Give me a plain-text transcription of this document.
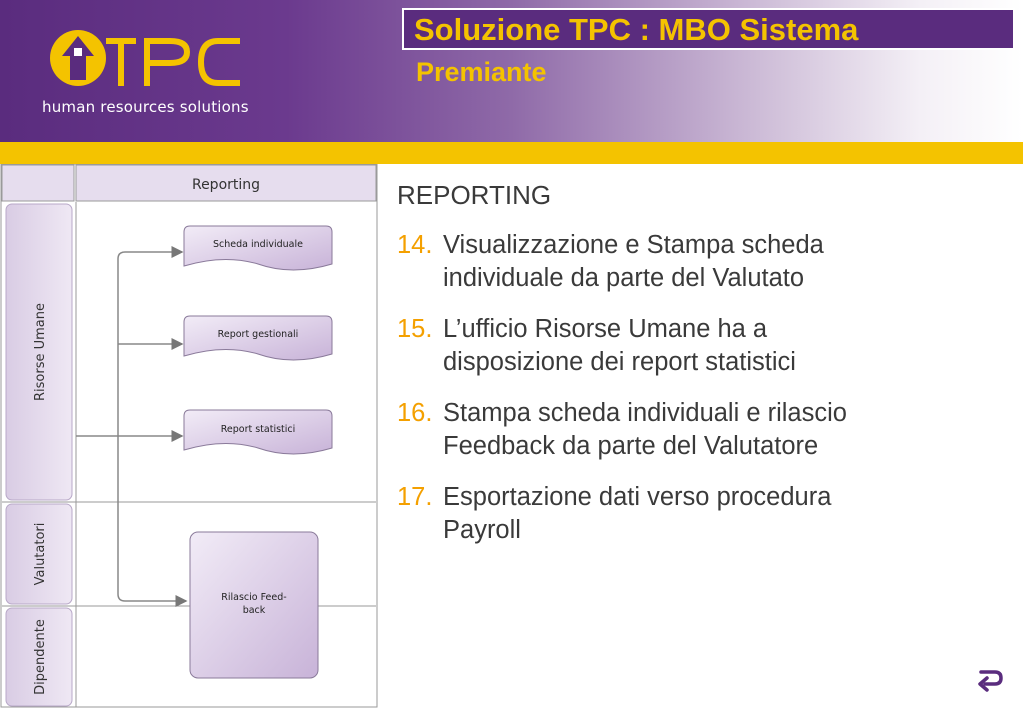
human resources solutions
Soluzione TPC : MBO Sistema
Premiante
Reporting
Risorse Umane
Valutatori
Dipendente
Scheda individuale
Report gestionali
Report statistici
Rilascio Feed-
back
REPORTING
14. Visualizzazione e Stampa scheda
individuale da parte del Valutato
15. L’ufficio Risorse Umane ha a
disposizione dei report statistici
16. Stampa scheda individuali e rilascio
Feedback da parte del Valutatore
17. Esportazione dati verso procedura
Payroll
